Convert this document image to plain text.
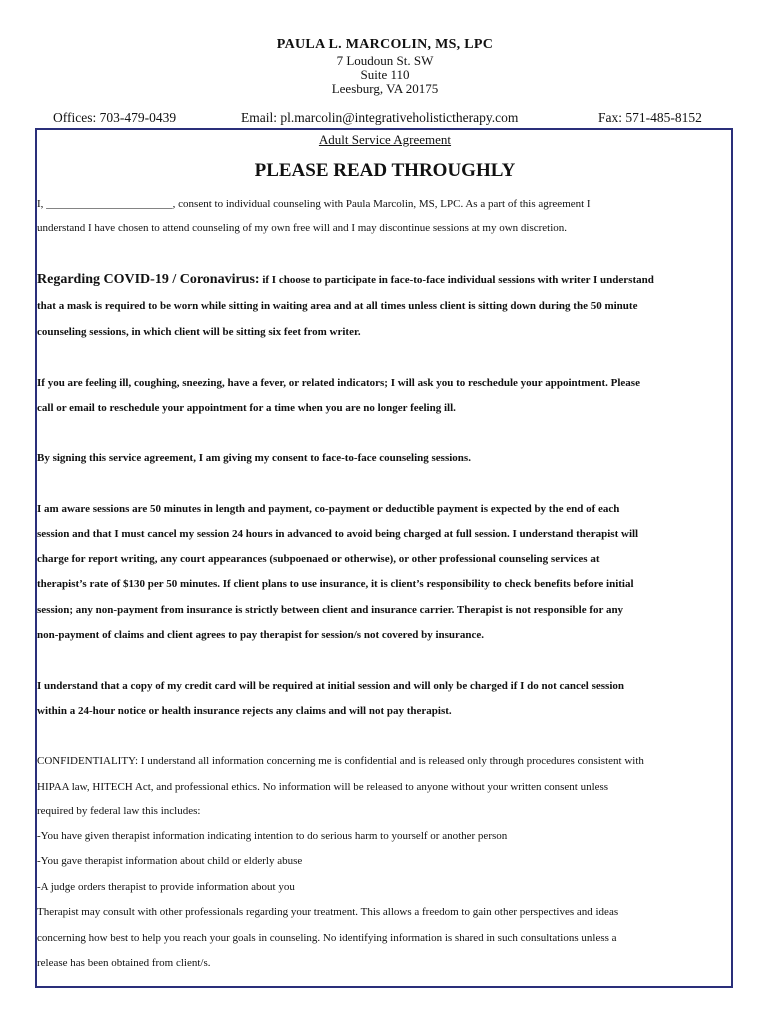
PAULA L. MARCOLIN, MS, LPC
7 Loudoun St. SW
Suite 110
Leesburg, VA 20175
Offices: 703-479-0439	Email: pl.marcolin@integrativeholistictherapy.com	Fax: 571-485-8152
Adult Service Agreement
PLEASE READ THROUGHLY
I, _______________________, consent to individual counseling with Paula Marcolin, MS, LPC. As a part of this agreement I
understand I have chosen to attend counseling of my own free will and I may discontinue sessions at my own discretion.
Regarding COVID-19 / Coronavirus: if I choose to participate in face-to-face individual sessions with writer I understand
that a mask is required to be worn while sitting in waiting area and at all times unless client is sitting down during the 50 minute
counseling sessions, in which client will be sitting six feet from writer.
If you are feeling ill, coughing, sneezing, have a fever, or related indicators; I will ask you to reschedule your appointment. Please
call or email to reschedule your appointment for a time when you are no longer feeling ill.
By signing this service agreement, I am giving my consent to face-to-face counseling sessions.
I am aware sessions are 50 minutes in length and payment, co-payment or deductible payment is expected by the end of each
session and that I must cancel my session 24 hours in advanced to avoid being charged at full session. I understand therapist will
charge for report writing, any court appearances (subpoenaed or otherwise), or other professional counseling services at
therapist’s rate of $130 per 50 minutes. If client plans to use insurance, it is client’s responsibility to check benefits before initial
session; any non-payment from insurance is strictly between client and insurance carrier. Therapist is not responsible for any
non-payment of claims and client agrees to pay therapist for session/s not covered by insurance.
I understand that a copy of my credit card will be required at initial session and will only be charged if I do not cancel session
within a 24-hour notice or health insurance rejects any claims and will not pay therapist.
CONFIDENTIALITY: I understand all information concerning me is confidential and is released only through procedures consistent with
HIPAA law, HITECH Act, and professional ethics. No information will be released to anyone without your written consent unless
required by federal law this includes:
-You have given therapist information indicating intention to do serious harm to yourself or another person
-You gave therapist information about child or elderly abuse
-A judge orders therapist to provide information about you
Therapist may consult with other professionals regarding your treatment. This allows a freedom to gain other perspectives and ideas
concerning how best to help you reach your goals in counseling. No identifying information is shared in such consultations unless a
release has been obtained from client/s.
